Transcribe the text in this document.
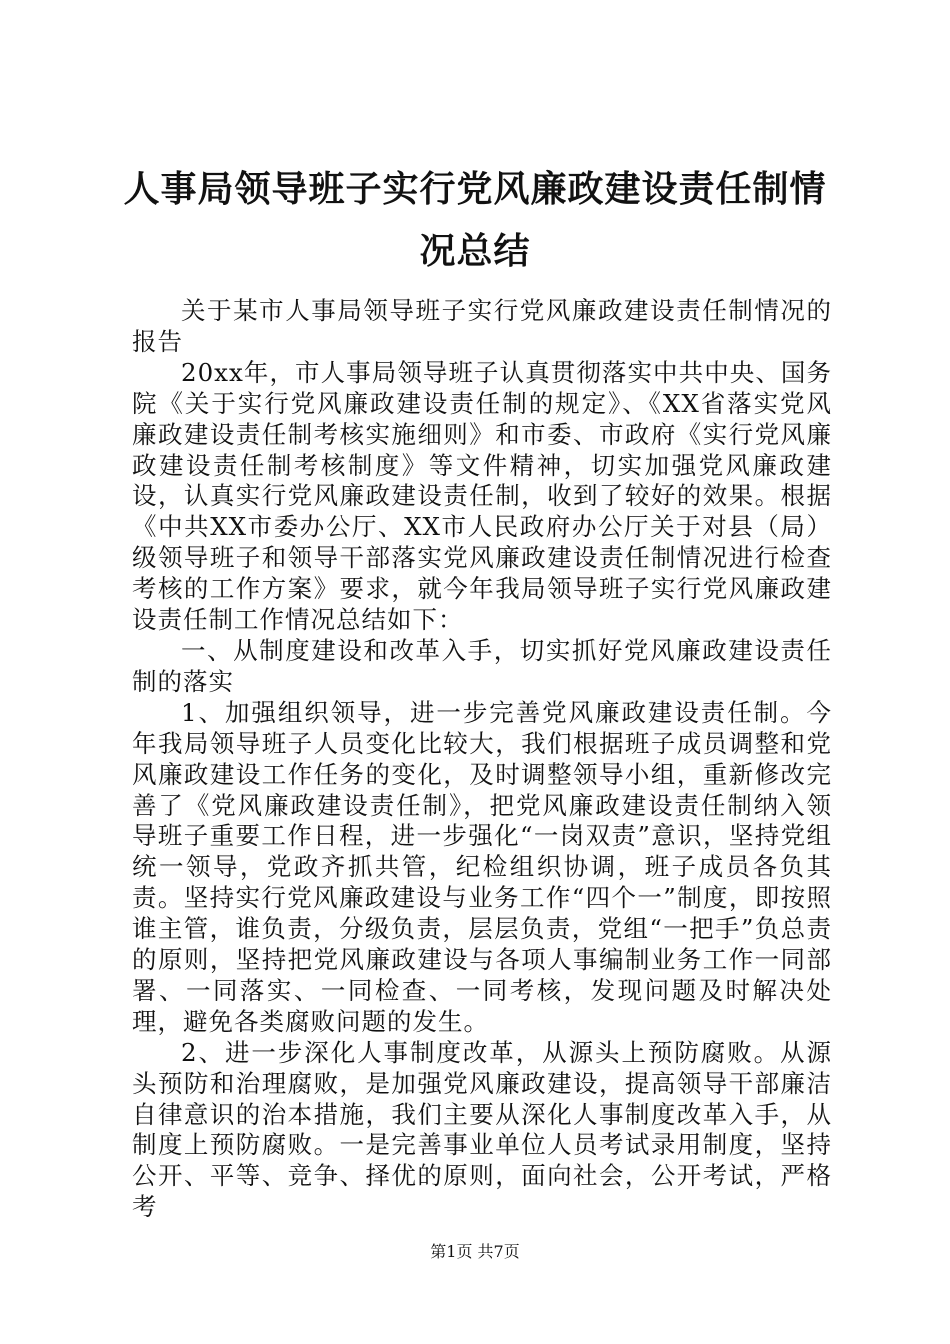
人事局领导班子实行党风廉政建设责任制情况总结

关于某市人事局领导班子实行党风廉政建设责任制情况的报告

20xx年，市人事局领导班子认真贯彻落实中共中央、国务院《关于实行党风廉政建设责任制的规定》、《XX省落实党风廉政建设责任制考核实施细则》和市委、市政府《实行党风廉政建设责任制考核制度》等文件精神，切实加强党风廉政建设，认真实行党风廉政建设责任制，收到了较好的效果。根据《中共XX市委办公厅、XX市人民政府办公厅关于对县（局）级领导班子和领导干部落实党风廉政建设责任制情况进行检查考核的工作方案》要求，就今年我局领导班子实行党风廉政建设责任制工作情况总结如下：

一、从制度建设和改革入手，切实抓好党风廉政建设责任制的落实

1、加强组织领导，进一步完善党风廉政建设责任制。今年我局领导班子人员变化比较大，我们根据班子成员调整和党风廉政建设工作任务的变化，及时调整领导小组，重新修改完善了《党风廉政建设责任制》，把党风廉政建设责任制纳入领导班子重要工作日程，进一步强化“一岗双责”意识，坚持党组统一领导，党政齐抓共管，纪检组织协调，班子成员各负其责。坚持实行党风廉政建设与业务工作“四个一”制度，即按照谁主管，谁负责，分级负责，层层负责，党组“一把手”负总责的原则，坚持把党风廉政建设与各项人事编制业务工作一同部署、一同落实、一同检查、一同考核，发现问题及时解决处理，避免各类腐败问题的发生。

2、进一步深化人事制度改革，从源头上预防腐败。从源头预防和治理腐败，是加强党风廉政建设，提高领导干部廉洁自律意识的治本措施，我们主要从深化人事制度改革入手，从制度上预防腐败。一是完善事业单位人员考试录用制度，坚持公开、平等、竞争、择优的原则，面向社会，公开考试，严格考

第1页 共7页
